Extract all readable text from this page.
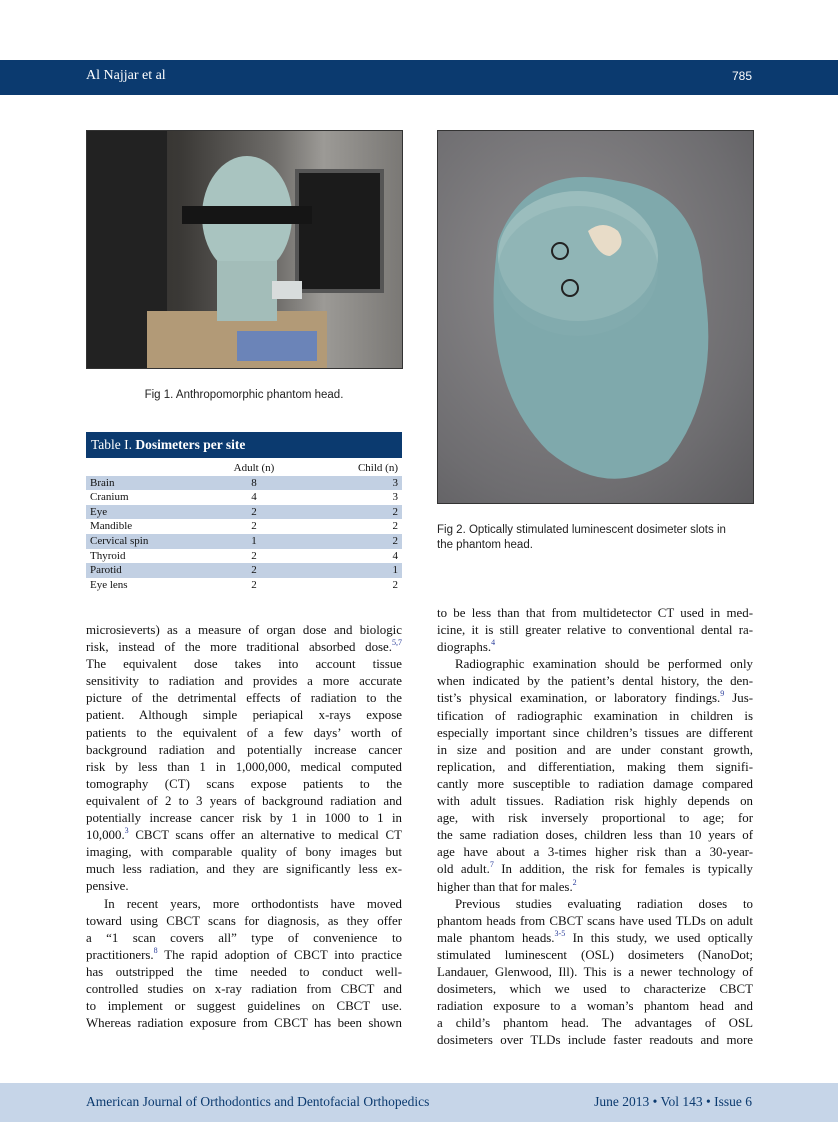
Al Najjar et al	785
Fig 1. Anthropomorphic phantom head.
Fig 2. Optically stimulated luminescent dosimeter slots in
the phantom head.
Table I. Dosimeters per site
Adult (n)	Child (n)
Brain	8	3
Cranium	4	3
Eye	2	2
Mandible	2	2
Cervical spin	1	2
Thyroid	2	4
Parotid	2	1
Eye lens	2	2
microsieverts) as a measure of organ dose and biologic
risk, instead of the more traditional absorbed dose.$^{5,7}$
The equivalent dose takes into account tissue
sensitivity to radiation and provides a more accurate
picture of the detrimental effects of radiation to the
patient. Although simple periapical x-rays expose
patients to the equivalent of a few days’ worth of
background radiation and potentially increase cancer
risk by less than 1 in 1,000,000, medical computed
tomography (CT) scans expose patients to the
equivalent of 2 to 3 years of background radiation and
potentially increase cancer risk by 1 in 1000 to 1 in
10,000.$^3$ CBCT scans offer an alternative to medical CT
imaging, with comparable quality of bony images but
much less radiation, and they are significantly less ex-
pensive.
In recent years, more orthodontists have moved
toward using CBCT scans for diagnosis, as they offer
a “1 scan covers all” type of convenience to
practitioners.$^8$ The rapid adoption of CBCT into practice
has outstripped the time needed to conduct well-
controlled studies on x-ray radiation from CBCT and
to implement or suggest guidelines on CBCT use.
Whereas radiation exposure from CBCT has been shown
to be less than that from multidetector CT used in med-
icine, it is still greater relative to conventional dental ra-
diographs.$^4$
Radiographic examination should be performed only
when indicated by the patient’s dental history, the den-
tist’s physical examination, or laboratory findings.$^9$ Jus-
tification of radiographic examination in children is
especially important since children’s tissues are different
in size and position and are under constant growth,
replication, and differentiation, making them signifi-
cantly more susceptible to radiation damage compared
with adult tissues. Radiation risk highly depends on
age, with risk inversely proportional to age; for
the same radiation doses, children less than 10 years of
age have about a 3-times higher risk than a 30-year-
old adult.$^7$ In addition, the risk for females is typically
higher than that for males.$^2$
Previous studies evaluating radiation doses to
phantom heads from CBCT scans have used TLDs on adult
male phantom heads.$^{3-5}$ In this study, we used optically
stimulated luminescent (OSL) dosimeters (NanoDot;
Landauer, Glenwood, Ill). This is a newer technology of
dosimeters, which we used to characterize CBCT
radiation exposure to a woman’s phantom head and
a child’s phantom head. The advantages of OSL
dosimeters over TLDs include faster readouts and more
American Journal of Orthodontics and Dentofacial Orthopedics	June 2013 • Vol 143 • Issue 6
